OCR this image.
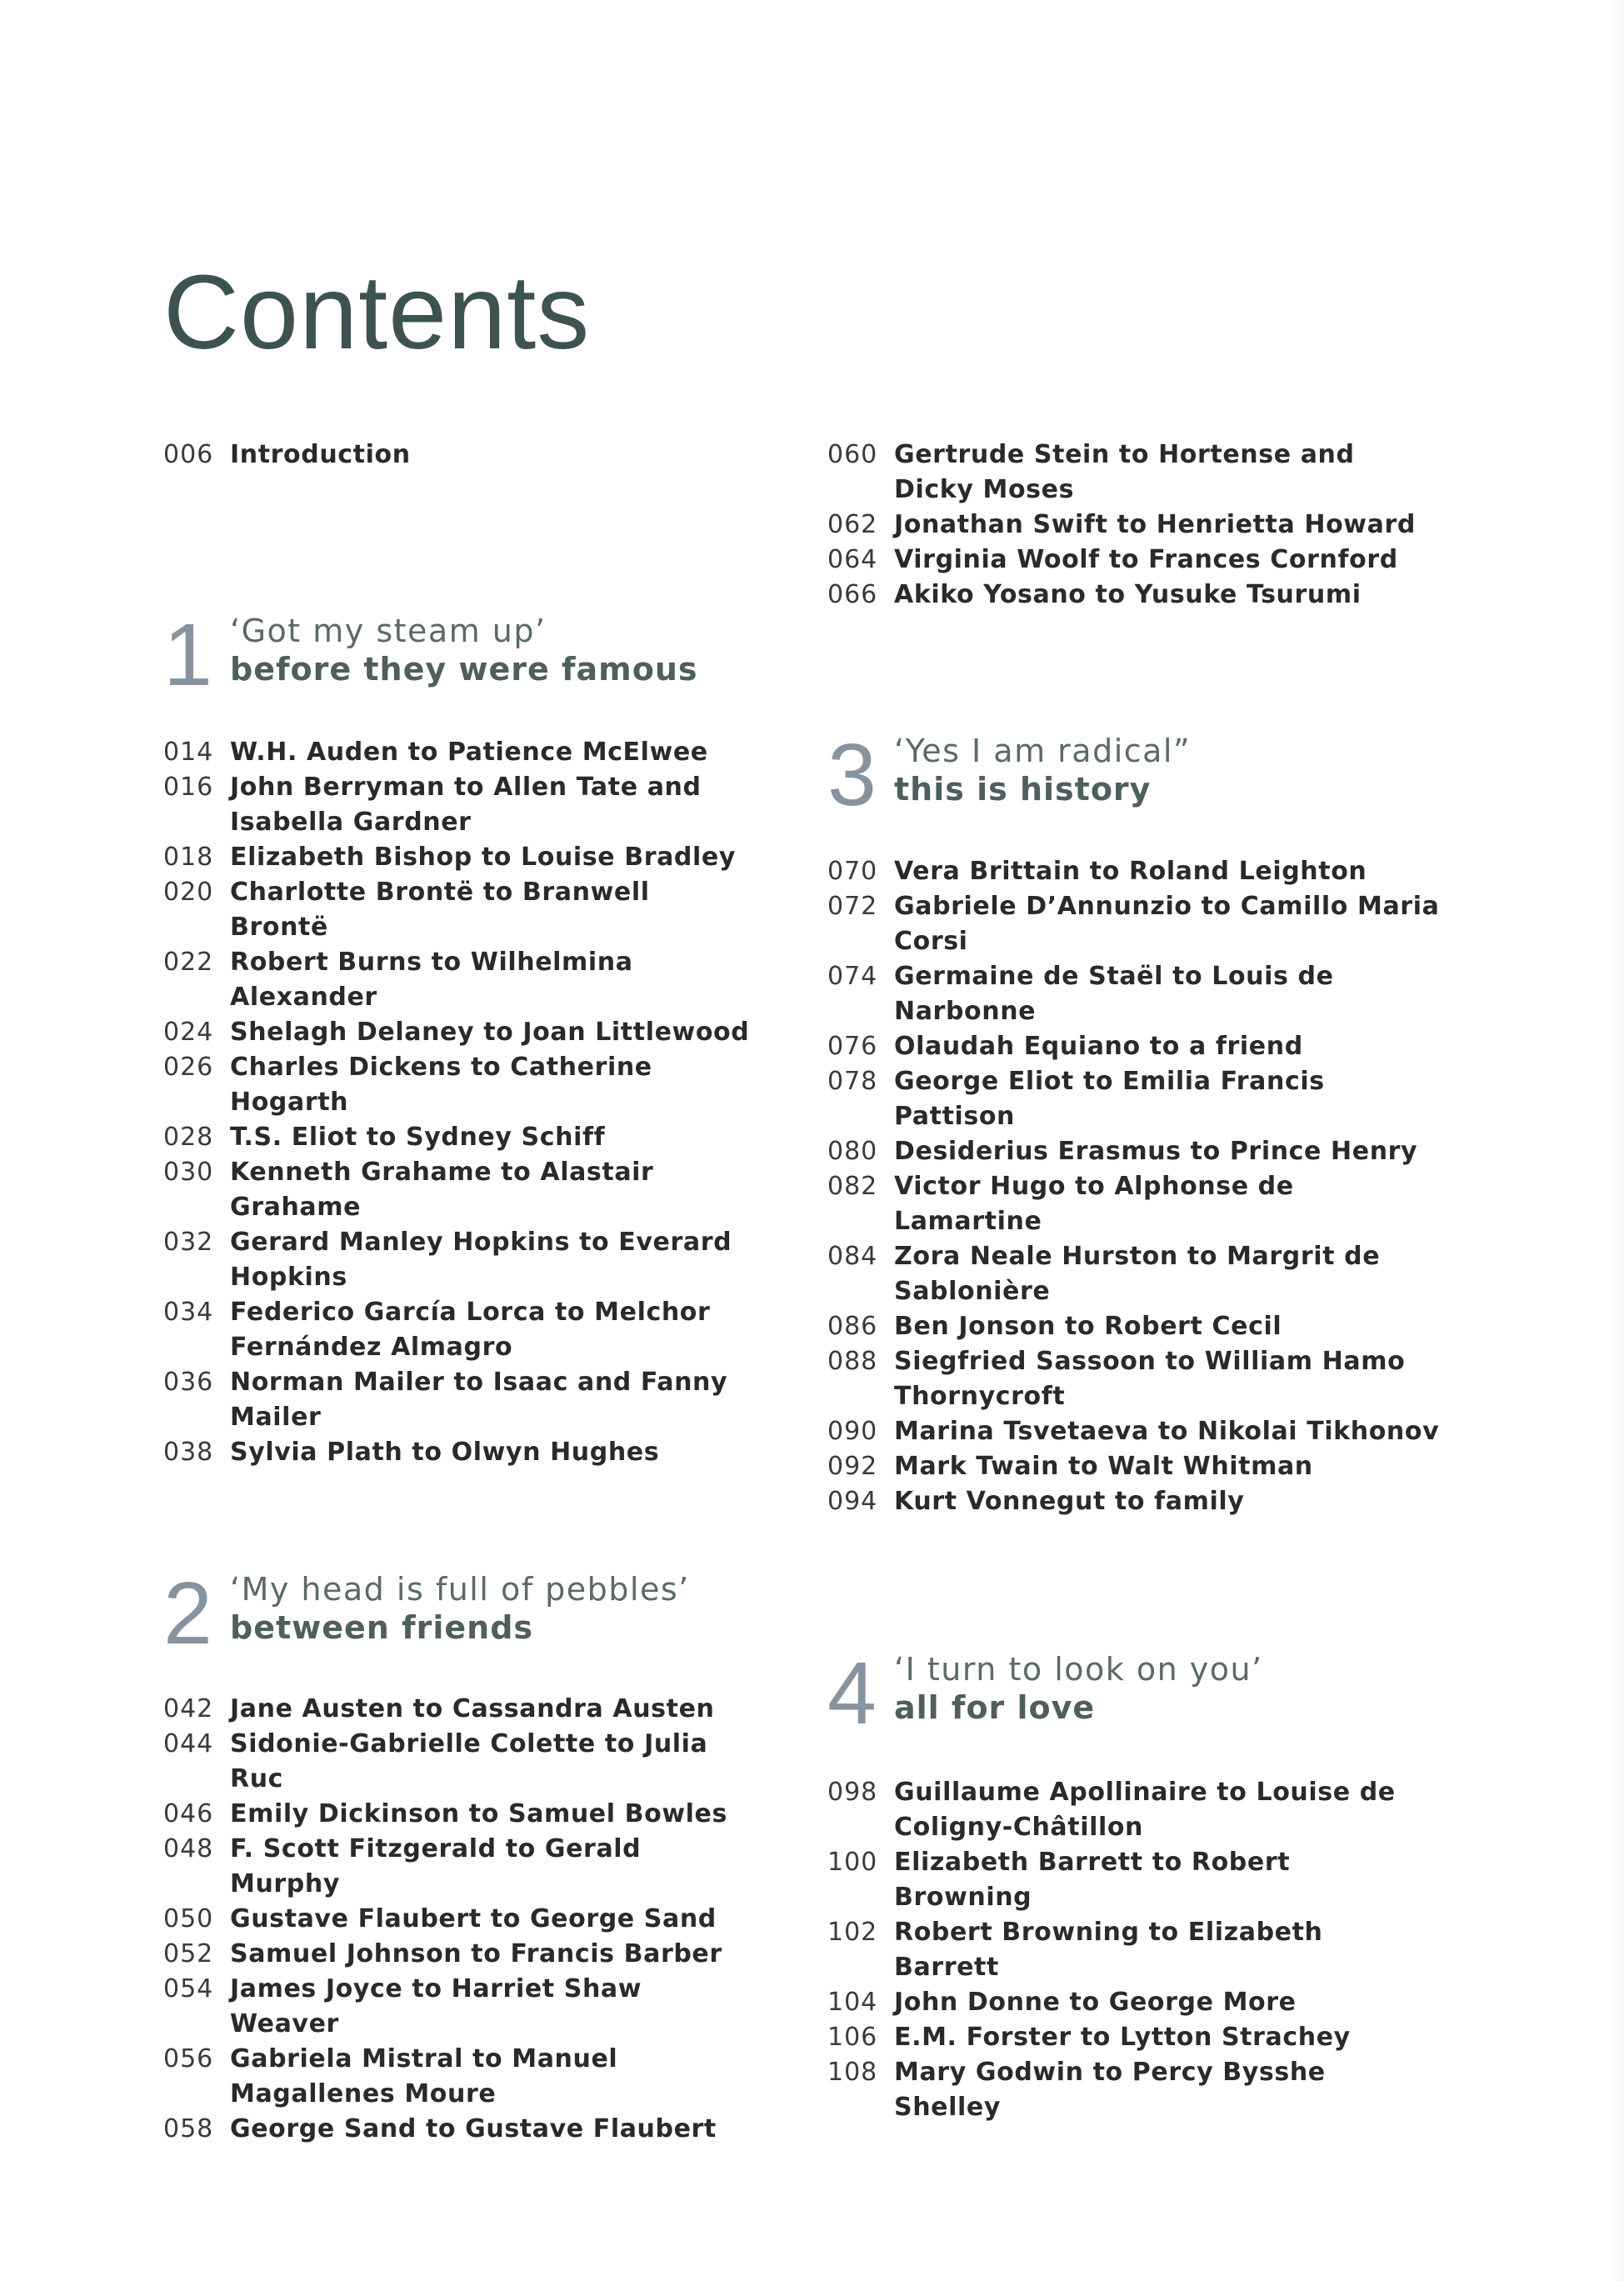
Contents
006 Introduction
1 ‘Got my steam up’
before they were famous
014 W.H. Auden to Patience McElwee
016 John Berryman to Allen Tate and
Isabella Gardner
018 Elizabeth Bishop to Louise Bradley
020 Charlotte Brontë to Branwell
Brontë
022 Robert Burns to Wilhelmina
Alexander
024 Shelagh Delaney to Joan Littlewood
026 Charles Dickens to Catherine
Hogarth
028 T.S. Eliot to Sydney Schiff
030 Kenneth Grahame to Alastair
Grahame
032 Gerard Manley Hopkins to Everard
Hopkins
034 Federico García Lorca to Melchor
Fernández Almagro
036 Norman Mailer to Isaac and Fanny
Mailer
038 Sylvia Plath to Olwyn Hughes
2 ‘My head is full of pebbles’
between friends
042 Jane Austen to Cassandra Austen
044 Sidonie-Gabrielle Colette to Julia
Ruc
046 Emily Dickinson to Samuel Bowles
048 F. Scott Fitzgerald to Gerald
Murphy
050 Gustave Flaubert to George Sand
052 Samuel Johnson to Francis Barber
054 James Joyce to Harriet Shaw
Weaver
056 Gabriela Mistral to Manuel
Magallenes Moure
058 George Sand to Gustave Flaubert
060 Gertrude Stein to Hortense and
Dicky Moses
062 Jonathan Swift to Henrietta Howard
064 Virginia Woolf to Frances Cornford
066 Akiko Yosano to Yusuke Tsurumi
3 ‘Yes I am radical”
this is history
070 Vera Brittain to Roland Leighton
072 Gabriele D’Annunzio to Camillo Maria
Corsi
074 Germaine de Staël to Louis de
Narbonne
076 Olaudah Equiano to a friend
078 George Eliot to Emilia Francis
Pattison
080 Desiderius Erasmus to Prince Henry
082 Victor Hugo to Alphonse de
Lamartine
084 Zora Neale Hurston to Margrit de
Sablonière
086 Ben Jonson to Robert Cecil
088 Siegfried Sassoon to William Hamo
Thornycroft
090 Marina Tsvetaeva to Nikolai Tikhonov
092 Mark Twain to Walt Whitman
094 Kurt Vonnegut to family
4 ‘I turn to look on you’
all for love
098 Guillaume Apollinaire to Louise de
Coligny-Châtillon
100 Elizabeth Barrett to Robert
Browning
102 Robert Browning to Elizabeth
Barrett
104 John Donne to George More
106 E.M. Forster to Lytton Strachey
108 Mary Godwin to Percy Bysshe
Shelley
